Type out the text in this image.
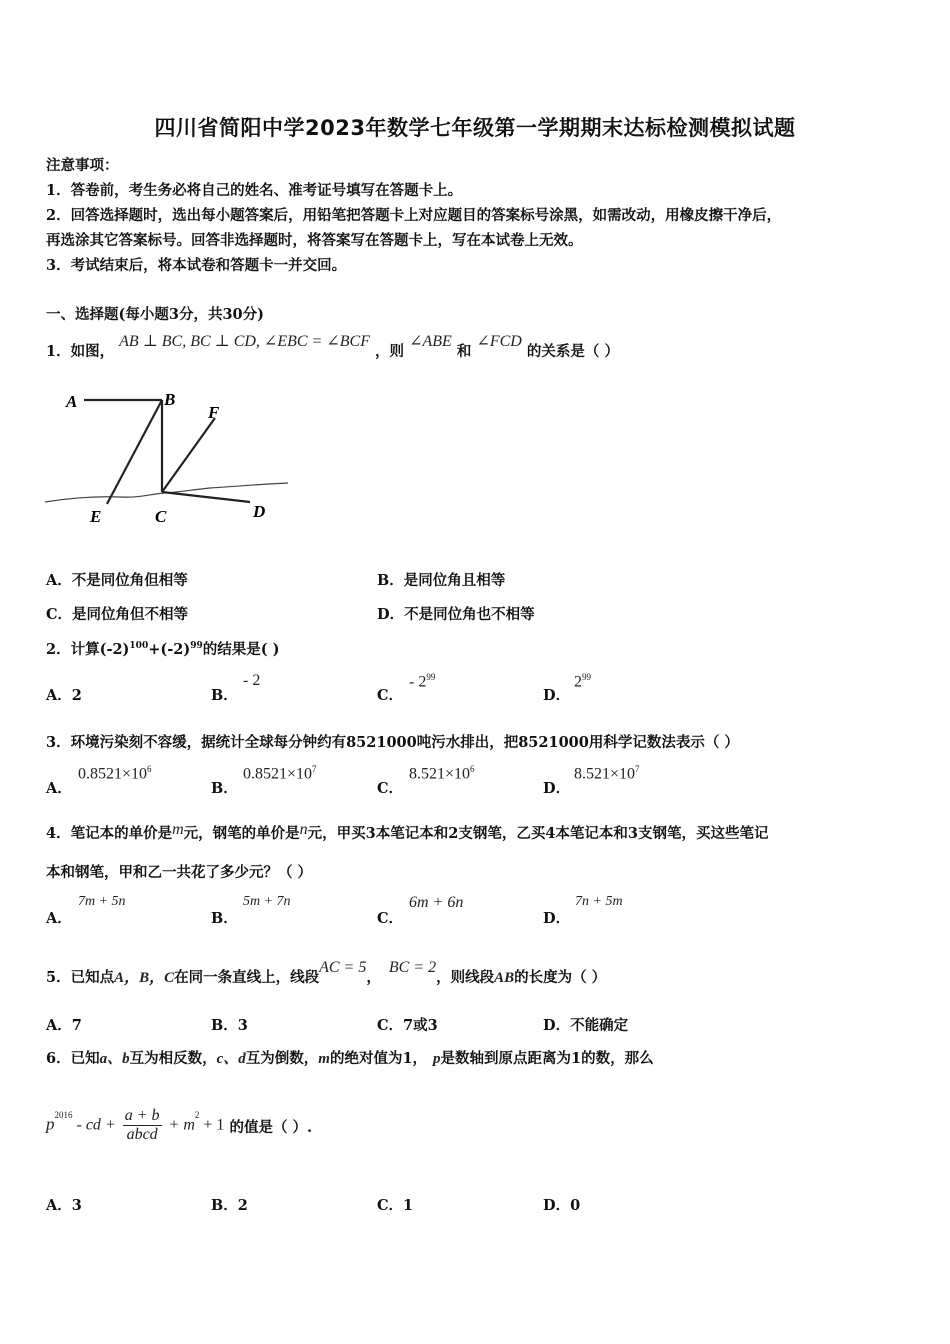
四川省简阳中学2023年数学七年级第一学期期末达标检测模拟试题
注意事项：
1．答卷前，考生务必将自己的姓名、准考证号填写在答题卡上。
2．回答选择题时，选出每小题答案后，用铅笔把答题卡上对应题目的答案标号涂黑，如需改动，用橡皮擦干净后，
再选涂其它答案标号。回答非选择题时，将答案写在答题卡上，写在本试卷上无效。
3．考试结束后，将本试卷和答题卡一并交回。
一、选择题(每小题3分，共30分)
1．如图， AB ⊥ BC, BC ⊥ CD, ∠EBC = ∠BCF ，则 ∠ABE 和 ∠FCD 的关系是（ ）
A	B
F
E	C	D
A．不是同位角但相等	B．是同位角且相等
C．是同位角但不相等	D．不是同位角也不相等
2．计算$(-2)^{100}+(-2)^{99}$的结果是( )
A．2	B．
- 2
C．
- $2^{99}$
D．
$2^{99}$
3．环境污染刻不容缓，据统计全球每分钟约有8521000吨污水排出，把8521000用科学记数法表示（ ）
A．
$0.8521\times 10^6$
B．
$0.8521\times 10^7$
C．
$8.521\times 10^6$
D．
$8.521\times 10^7$
4．笔记本的单价是m元，钢笔的单价是n元，甲买3本笔记本和2支钢笔，乙买4本笔记本和3支钢笔，买这些笔记
本和钢笔，甲和乙一共花了多少元？（ ）
A．
7m + 5n
B．
5m + 7n
C．
6m + 6n
D．
7n + 5m
5．已知点A，B，C在同一条直线上，线段AC = 5，BC = 2，则线段AB的长度为（ ）
A．7	B．3	C．7或3	D．不能确定
6．已知a、b互为相反数，c、d互为倒数，m的绝对值为1， p是数轴到原点距离为1的数，那么
$p^{2016}$ - cd + $\frac{a + b}{\text{abcd}} + m^2 + 1$ 的值是（ ）.
A．3	B．2	C．1	D．0
